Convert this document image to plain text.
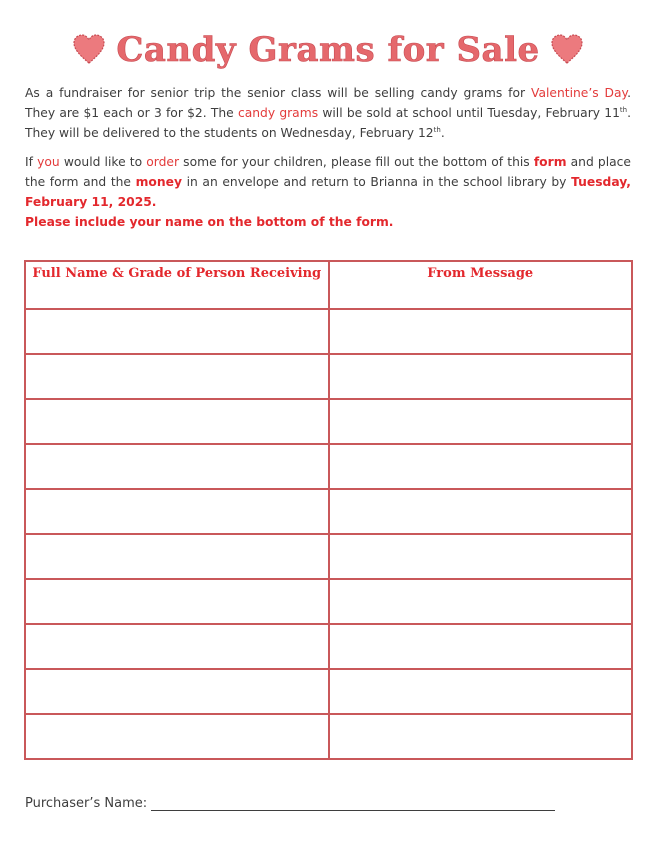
Candy Grams for Sale
As a fundraiser for senior trip the senior class will be selling candy grams for Valentine’s Day. They are $1 each or 3 for $2. The candy grams will be sold at school until Tuesday, February 11th. They will be delivered to the students on Wednesday, February 12th.
If you would like to order some for your children, please fill out the bottom of this form and place the form and the money in an envelope and return to Brianna in the school library by Tuesday, February 11, 2025.
Please include your name on the bottom of the form.
Full Name & Grade of Person Receiving	From Message

Purchaser’s Name:
